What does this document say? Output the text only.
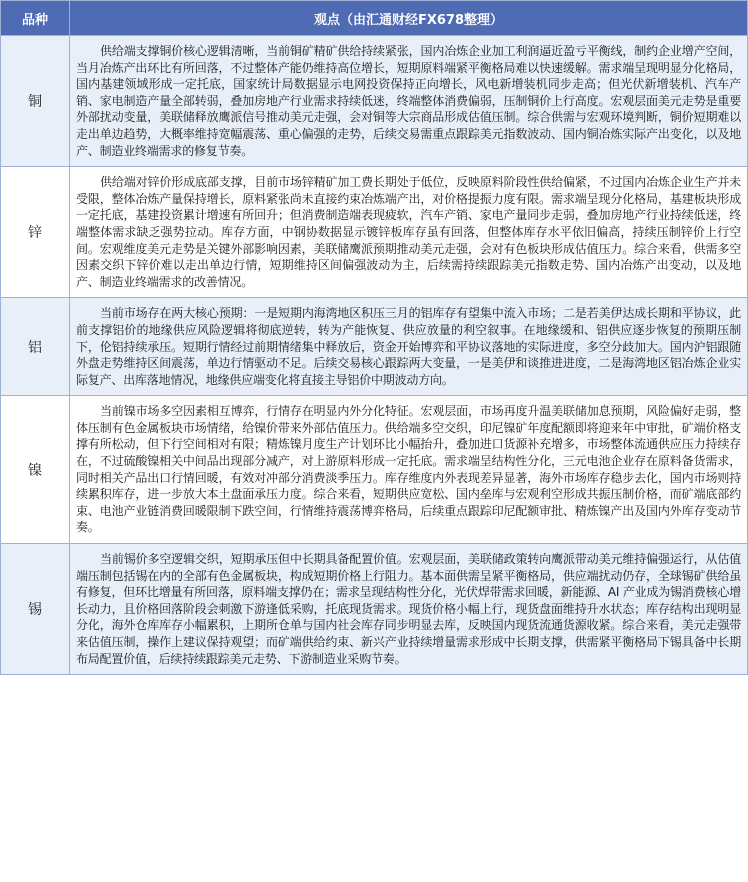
品种	观点（由汇通财经FX678整理）
铜	供给端支撑铜价核心逻辑清晰，当前铜矿精矿供给持续紧张，国内冶炼企业加工利润逼近盈亏平衡线，制约企业增产空间，当月冶炼产出环比有所回落，不过整体产能仍维持高位增长，短期原料端紧平衡格局难以快速缓解。需求端呈现明显分化格局，国内基建领域形成一定托底，国家统计局数据显示电网投资保持正向增长，风电新增装机同步走高；但光伏新增装机、汽车产销、家电制造产量全部转弱，叠加房地产行业需求持续低迷，终端整体消费偏弱，压制铜价上行高度。宏观层面美元走势是重要外部扰动变量，美联储释放鹰派信号推动美元走强，会对铜等大宗商品形成估值压制。综合供需与宏观环境判断，铜价短期难以走出单边趋势，大概率维持宽幅震荡、重心偏强的走势，后续交易需重点跟踪美元指数波动、国内铜冶炼实际产出变化，以及地产、制造业终端需求的修复节奏。
锌	供给端对锌价形成底部支撑，目前市场锌精矿加工费长期处于低位，反映原料阶段性供给偏紧，不过国内冶炼企业生产并未受限，整体冶炼产量保持增长，原料紧张尚未直接约束冶炼端产出，对价格提振力度有限。需求端呈现分化格局，基建板块形成一定托底，基建投资累计增速有所回升；但消费制造端表现疲软，汽车产销、家电产量同步走弱，叠加房地产行业持续低迷，终端整体需求缺乏强势拉动。库存方面，中钢协数据显示镀锌板库存虽有回落，但整体库存水平依旧偏高，持续压制锌价上行空间。宏观维度美元走势是关键外部影响因素，美联储鹰派预期推动美元走强，会对有色板块形成估值压力。综合来看，供需多空因素交织下锌价难以走出单边行情，短期维持区间偏强波动为主，后续需持续跟踪美元指数走势、国内冶炼产出变动，以及地产、制造业终端需求的改善情况。
铝	当前市场存在两大核心预期：一是短期内海湾地区积压三月的铝库存有望集中流入市场；二是若美伊达成长期和平协议，此前支撑铝价的地缘供应风险逻辑将彻底逆转，转为产能恢复、供应放量的利空叙事。在地缘缓和、铝供应逐步恢复的预期压制下，伦铝持续承压。短期行情经过前期情绪集中释放后，资金开始博弈和平协议落地的实际进度，多空分歧加大。国内沪铝跟随外盘走势维持区间震荡，单边行情驱动不足。后续交易核心跟踪两大变量，一是美伊和谈推进进度，二是海湾地区铝冶炼企业实际复产、出库落地情况，地缘供应端变化将直接主导铝价中期波动方向。
镍	当前镍市场多空因素相互博弈，行情存在明显内外分化特征。宏观层面，市场再度升温美联储加息预期，风险偏好走弱，整体压制有色金属板块市场情绪，给镍价带来外部估值压力。供给端多空交织，印尼镍矿年度配额即将迎来年中审批，矿端价格支撑有所松动，但下行空间相对有限；精炼镍月度生产计划环比小幅抬升，叠加进口货源补充增多，市场整体流通供应压力持续存在，不过硫酸镍相关中间品出现部分减产，对上游原料形成一定托底。需求端呈结构性分化，三元电池企业存在原料备货需求，同时相关产品出口行情回暖，有效对冲部分消费淡季压力。库存维度内外表现差异显著，海外市场库存稳步去化，国内市场则持续累积库存，进一步放大本土盘面承压力度。综合来看，短期供应宽松、国内垒库与宏观利空形成共振压制价格，而矿端底部约束、电池产业链消费回暖限制下跌空间，行情维持震荡博弈格局，后续重点跟踪印尼配额审批、精炼镍产出及国内外库存变动节奏。
锡	当前锡价多空逻辑交织，短期承压但中长期具备配置价值。宏观层面，美联储政策转向鹰派带动美元维持偏强运行，从估值端压制包括锡在内的全部有色金属板块，构成短期价格上行阻力。基本面供需呈紧平衡格局，供应端扰动仍存，全球锡矿供给虽有修复，但环比增量有所回落，原料端支撑仍在；需求呈现结构性分化，光伏焊带需求回暖，新能源、AI 产业成为锡消费核心增长动力，且价格回落阶段会刺激下游逢低采购，托底现货需求。现货价格小幅上行，现货盘面维持升水状态；库存结构出现明显分化，海外仓库库存小幅累积，上期所仓单与国内社会库存同步明显去库，反映国内现货流通货源收紧。综合来看，美元走强带来估值压制，操作上建议保持观望；而矿端供给约束、新兴产业持续增量需求形成中长期支撑，供需紧平衡格局下锡具备中长期布局配置价值，后续持续跟踪美元走势、下游制造业采购节奏。
